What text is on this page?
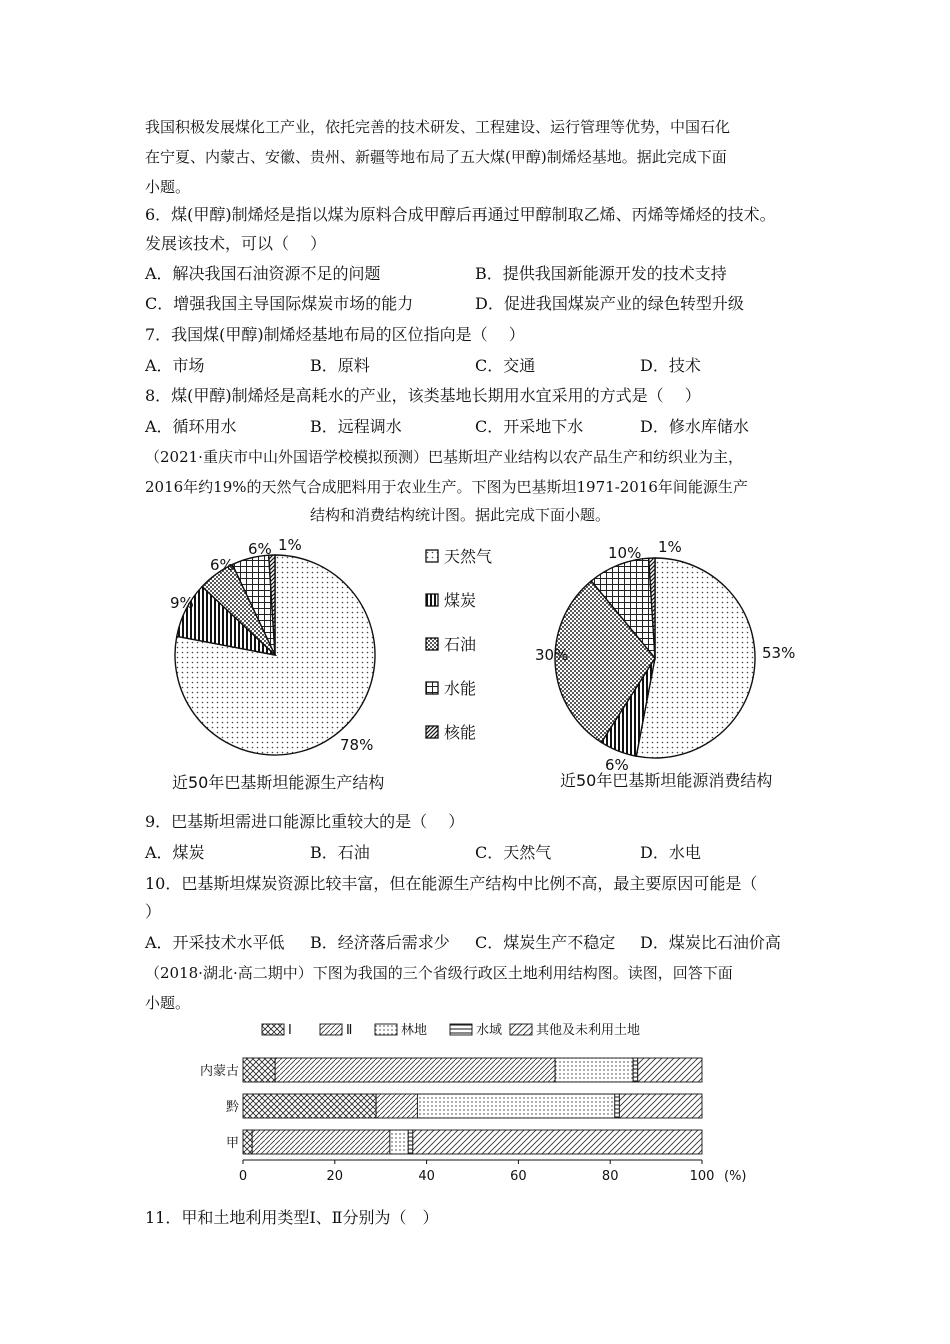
我国积极发展煤化工产业，依托完善的技术研发、工程建设、运行管理等优势，中国石化
在宁夏、内蒙古、安徽、贵州、新疆等地布局了五大煤(甲醇)制烯烃基地。据此完成下面
小题。
6．煤(甲醇)制烯烃是指以煤为原料合成甲醇后再通过甲醇制取乙烯、丙烯等烯烃的技术。
发展该技术，可以（　 ）
A．解决我国石油资源不足的问题	B．提供我国新能源开发的技术支持
C．增强我国主导国际煤炭市场的能力	D．促进我国煤炭产业的绿色转型升级
7．我国煤(甲醇)制烯烃基地布局的区位指向是（　 ）
A．市场	B．原料	C．交通	D．技术
8．煤(甲醇)制烯烃是高耗水的产业，该类基地长期用水宜采用的方式是（　 ）
A．循环用水	B．远程调水	C．开采地下水	D．修水库储水
（2021·重庆市中山外国语学校模拟预测）巴基斯坦产业结构以农产品生产和纺织业为主，
2016年约19%的天然气合成肥料用于农业生产。下图为巴基斯坦1971-2016年间能源生产
结构和消费结构统计图。据此完成下面小题。
78%
9%
6%
6% 1%
53%
6%
30%
10% 1%
天然气
煤炭
石油
水能
核能
近50年巴基斯坦能源生产结构	近50年巴基斯坦能源消费结构
9．巴基斯坦需进口能源比重较大的是（　 ）
A．煤炭	B．石油	C．天然气	D．水电
10．巴基斯坦煤炭资源比较丰富，但在能源生产结构中比例不高，最主要原因可能是（
）
A．开采技术水平低 B．经济落后需求少 C．煤炭生产不稳定 D．煤炭比石油价高
（2018·湖北·高二期中）下图为我国的三个省级行政区土地利用结构图。读图，回答下面
小题。
Ⅰ	Ⅱ	林地	水域	其他及未利用土地
内蒙古
黔
甲
0	20	40	60	80	100 (%)
11．甲和土地利用类型Ⅰ、Ⅱ分别为（　）
